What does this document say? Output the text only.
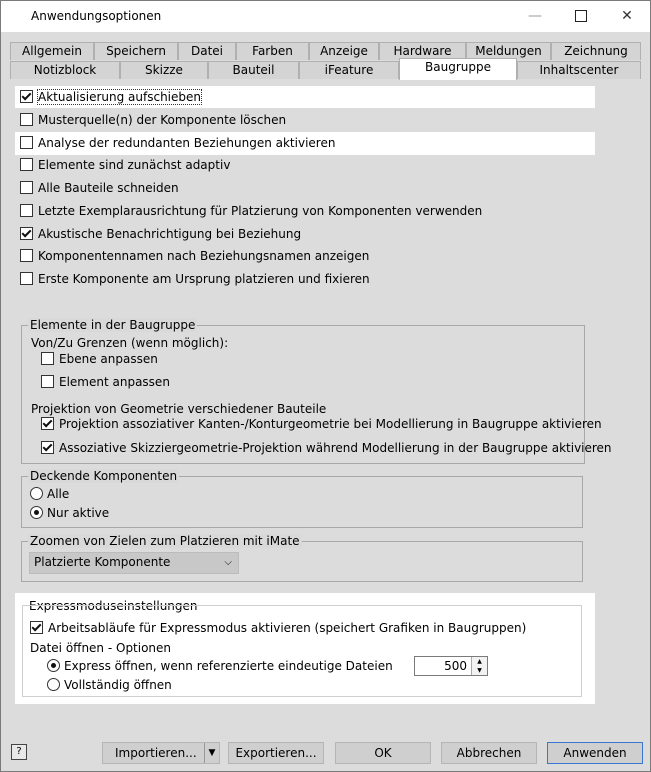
Anwendungsoptionen	—	✕
Allgemein	Speichern	Datei	Farben	Anzeige	Hardware	Meldungen	Zeichnung
Notizblock	Skizze	Bauteil	iFeature	Baugruppe	Inhaltscenter
Aktualisierung aufschieben
Musterquelle(n) der Komponente löschen
Analyse der redundanten Beziehungen aktivieren
Elemente sind zunächst adaptiv
Alle Bauteile schneiden
Letzte Exemplarausrichtung für Platzierung von Komponenten verwenden
Akustische Benachrichtigung bei Beziehung
Komponentennamen nach Beziehungsnamen anzeigen
Erste Komponente am Ursprung platzieren und fixieren
Elemente in der Baugruppe
Von/Zu Grenzen (wenn möglich):
Ebene anpassen
Element anpassen
Projektion von Geometrie verschiedener Bauteile
Projektion assoziativer Kanten-/Konturgeometrie bei Modellierung in Baugruppe aktivieren
Assoziative Skizziergeometrie-Projektion während Modellierung in der Baugruppe aktivieren
Deckende Komponenten
Alle
Nur aktive
Zoomen von Zielen zum Platzieren mit iMate
Platzierte Komponente	⌵
Expressmoduseinstellungen
Arbeitsabläufe für Expressmodus aktivieren (speichert Grafiken in Baugruppen)
Datei öffnen - Optionen
Express öffnen, wenn referenzierte eindeutige Dateien
Vollständig öffnen
500	▲
▼
?	Importieren...	▼	Exportieren...	OK	Abbrechen	Anwenden
